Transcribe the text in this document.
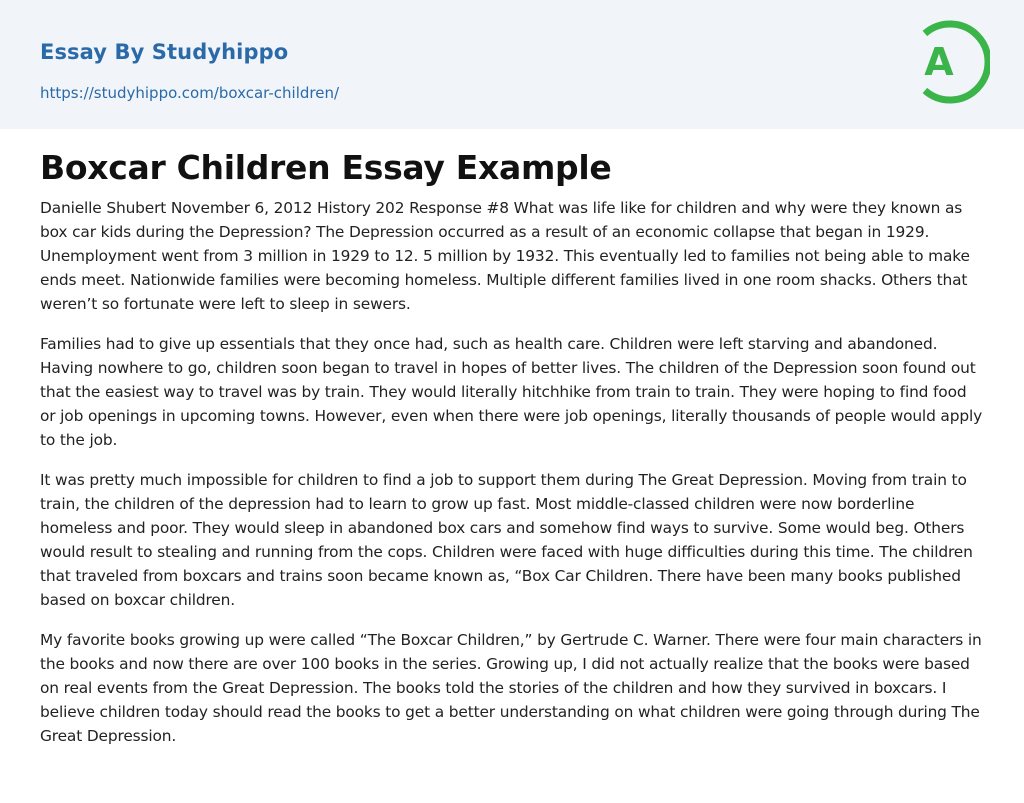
Essay By Studyhippo
https://studyhippo.com/boxcar-children/
A
Boxcar Children Essay Example

Danielle Shubert November 6, 2012 History 202 Response #8 What was life like for children and why were they known as box car kids during the Depression? The Depression occurred as a result of an economic collapse that began in 1929. Unemployment went from 3 million in 1929 to 12. 5 million by 1932. This eventually led to families not being able to make ends meet. Nationwide families were becoming homeless. Multiple different families lived in one room shacks. Others that weren’t so fortunate were left to sleep in sewers.

Families had to give up essentials that they once had, such as health care. Children were left starving and abandoned. Having nowhere to go, children soon began to travel in hopes of better lives. The children of the Depression soon found out that the easiest way to travel was by train. They would literally hitchhike from train to train. They were hoping to find food or job openings in upcoming towns. However, even when there were job openings, literally thousands of people would apply to the job.

It was pretty much impossible for children to find a job to support them during The Great Depression. Moving from train to train, the children of the depression had to learn to grow up fast. Most middle-classed children were now borderline homeless and poor. They would sleep in abandoned box cars and somehow find ways to survive. Some would beg. Others would result to stealing and running from the cops. Children were faced with huge difficulties during this time. The children that traveled from boxcars and trains soon became known as, “Box Car Children. There have been many books published based on boxcar children.

My favorite books growing up were called “The Boxcar Children,” by Gertrude C. Warner. There were four main characters in the books and now there are over 100 books in the series. Growing up, I did not actually realize that the books were based on real events from the Great Depression. The books told the stories of the children and how they survived in boxcars. I believe children today should read the books to get a better understanding on what children were going through during The Great Depression.
